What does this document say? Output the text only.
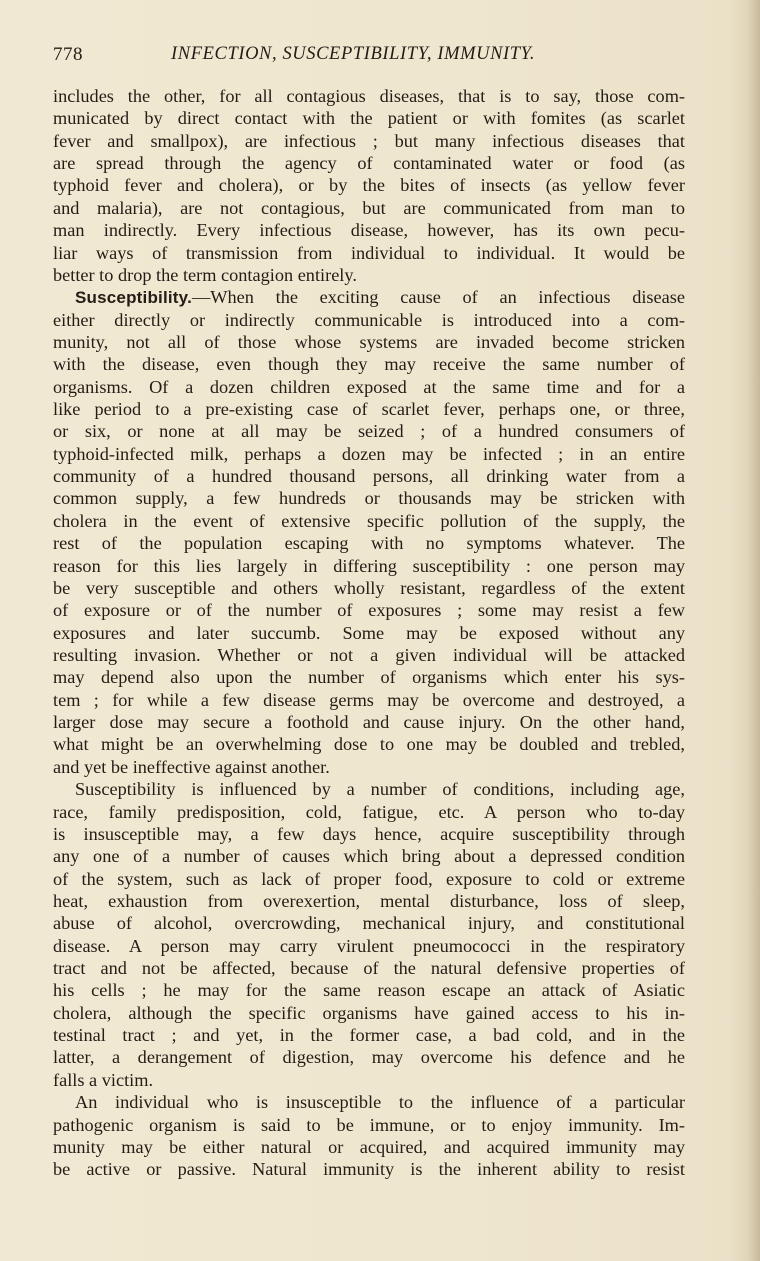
778	INFECTION, SUSCEPTIBILITY, IMMUNITY.
includes the other, for all contagious diseases, that is to say, those com-
municated by direct contact with the patient or with fomites (as scarlet
fever and smallpox), are infectious ; but many infectious diseases that
are spread through the agency of contaminated water or food (as
typhoid fever and cholera), or by the bites of insects (as yellow fever
and malaria), are not contagious, but are communicated from man to
man indirectly. Every infectious disease, however, has its own pecu-
liar ways of transmission from individual to individual. It would be
better to drop the term contagion entirely.
Susceptibility.—When the exciting cause of an infectious disease
either directly or indirectly communicable is introduced into a com-
munity, not all of those whose systems are invaded become stricken
with the disease, even though they may receive the same number of
organisms. Of a dozen children exposed at the same time and for a
like period to a pre-existing case of scarlet fever, perhaps one, or three,
or six, or none at all may be seized ; of a hundred consumers of
typhoid-infected milk, perhaps a dozen may be infected ; in an entire
community of a hundred thousand persons, all drinking water from a
common supply, a few hundreds or thousands may be stricken with
cholera in the event of extensive specific pollution of the supply, the
rest of the population escaping with no symptoms whatever. The
reason for this lies largely in differing susceptibility : one person may
be very susceptible and others wholly resistant, regardless of the extent
of exposure or of the number of exposures ; some may resist a few
exposures and later succumb. Some may be exposed without any
resulting invasion. Whether or not a given individual will be attacked
may depend also upon the number of organisms which enter his sys-
tem ; for while a few disease germs may be overcome and destroyed, a
larger dose may secure a foothold and cause injury. On the other hand,
what might be an overwhelming dose to one may be doubled and trebled,
and yet be ineffective against another.
Susceptibility is influenced by a number of conditions, including age,
race, family predisposition, cold, fatigue, etc. A person who to-day
is insusceptible may, a few days hence, acquire susceptibility through
any one of a number of causes which bring about a depressed condition
of the system, such as lack of proper food, exposure to cold or extreme
heat, exhaustion from overexertion, mental disturbance, loss of sleep,
abuse of alcohol, overcrowding, mechanical injury, and constitutional
disease. A person may carry virulent pneumococci in the respiratory
tract and not be affected, because of the natural defensive properties of
his cells ; he may for the same reason escape an attack of Asiatic
cholera, although the specific organisms have gained access to his in-
testinal tract ; and yet, in the former case, a bad cold, and in the
latter, a derangement of digestion, may overcome his defence and he
falls a victim.
An individual who is insusceptible to the influence of a particular
pathogenic organism is said to be immune, or to enjoy immunity. Im-
munity may be either natural or acquired, and acquired immunity may
be active or passive. Natural immunity is the inherent ability to resist
